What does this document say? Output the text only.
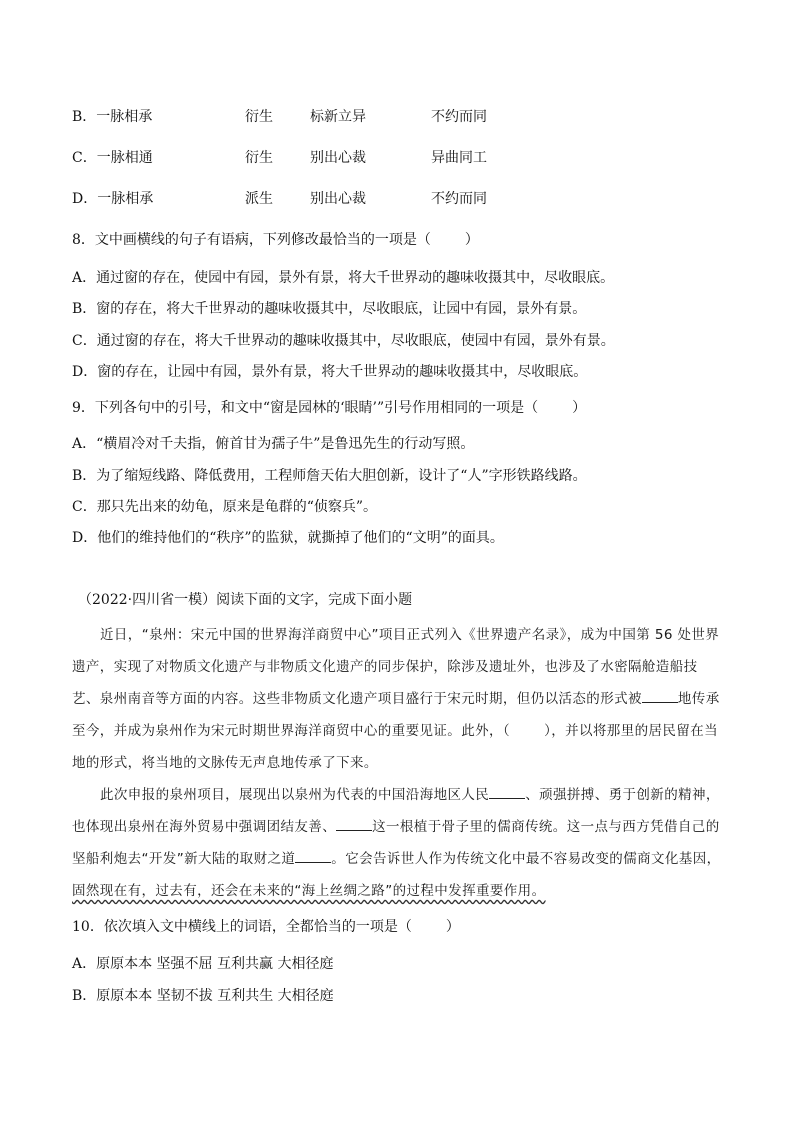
B．一脉相承	衍生	标新立异	不约而同
C．一脉相通	衍生	别出心裁	异曲同工
D．一脉相承	派生	别出心裁	不约而同
8．文中画横线的句子有语病，下列修改最恰当的一项是（ ）
A．通过窗的存在，使园中有园，景外有景，将大千世界动的趣味收摄其中，尽收眼底。
B．窗的存在，将大千世界动的趣味收摄其中，尽收眼底，让园中有园，景外有景。
C．通过窗的存在，将大千世界动的趣味收摄其中，尽收眼底，使园中有园，景外有景。
D．窗的存在，让园中有园，景外有景，将大千世界动的趣味收摄其中，尽收眼底。
9．下列各句中的引号，和文中“窗是园林的‘眼睛’”引号作用相同的一项是（ ）
A．“横眉冷对千夫指，俯首甘为孺子牛”是鲁迅先生的行动写照。
B．为了缩短线路、降低费用，工程师詹天佑大胆创新，设计了“人”字形铁路线路。
C．那只先出来的幼龟，原来是龟群的“侦察兵”。
D．他们的维持他们的“秩序”的监狱，就撕掉了他们的“文明”的面具。
（2022·四川省一模）阅读下面的文字，完成下面小题
近日，“泉州：宋元中国的世界海洋商贸中心”项目正式列入《世界遗产名录》，成为中国第 56 处世界遗产，实现了对物质文化遗产与非物质文化遗产的同步保护，除涉及遗址外，也涉及了水密隔舱造船技艺、泉州南音等方面的内容。这些非物质文化遗产项目盛行于宋元时期，但仍以活态的形式被	地传承至今，并成为泉州作为宋元时期世界海洋商贸中心的重要见证。此外，（	），并以将那里的居民留在当地的形式，将当地的文脉传无声息地传承了下来。
此次申报的泉州项目，展现出以泉州为代表的中国沿海地区人民	、顽强拼搏、勇于创新的精神，也体现出泉州在海外贸易中强调团结友善、	这一根植于骨子里的儒商传统。这一点与西方凭借自己的坚船利炮去“开发”新大陆的取财之道	。它会告诉世人作为传统文化中最不容易改变的儒商文化基因，固然现在有，过去有，还会在未来的“海上丝绸之路”的过程中发挥重要作用。
10．依次填入文中横线上的词语，全都恰当的一项是（ ）
A．原原本本 坚强不屈 互利共赢 大相径庭
B．原原本本 坚韧不拔 互利共生 大相径庭
